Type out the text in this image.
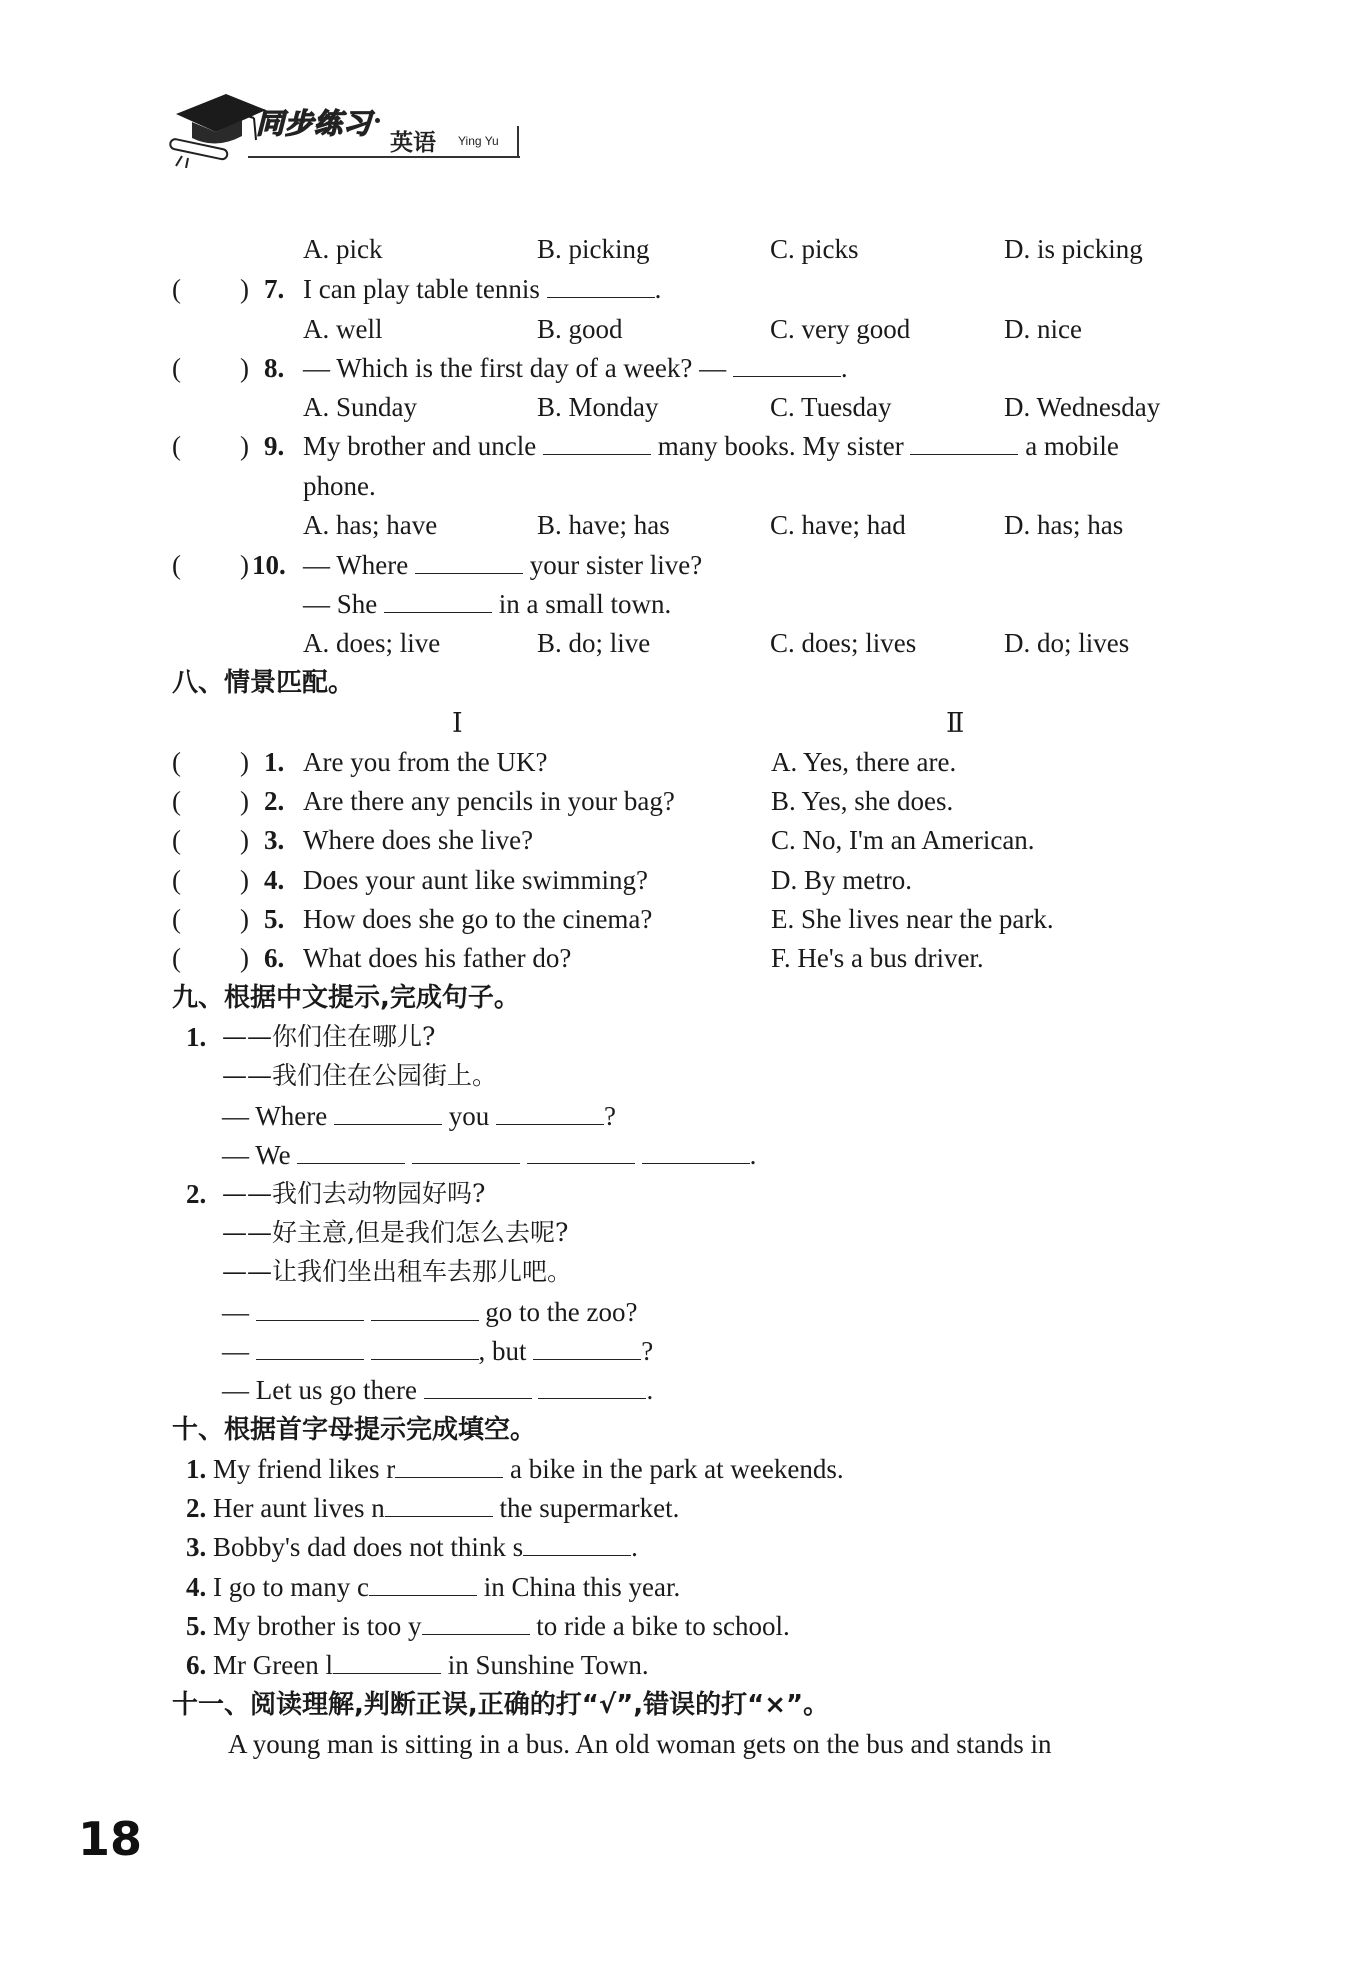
同步练习
英语 Ying Yu
A. pick	B. picking	C. picks	D. is picking
( ) 7. I can play table tennis	.
A. well	B. good	C. very good	D. nice
( ) 8. — Which is the first day of a week? —	.
A. Sunday	B. Monday	C. Tuesday	D. Wednesday
( ) 9. My brother and uncle	many books. My sister	a mobile
phone.
A. has; have	B. have; has	C. have; had	D. has; has
( ) 10. — Where	your sister live?
— She	in a small town.
A. does; live	B. do; live	C. does; lives	D. do; lives
八、情景匹配。
Ⅰ	Ⅱ
( ) 1. Are you from the UK?	A. Yes, there are.
( ) 2. Are there any pencils in your bag?	B. Yes, she does.
( ) 3. Where does she live?	C. No, I'm an American.
( ) 4. Does your aunt like swimming?	D. By metro.
( ) 5. How does she go to the cinema?	E. She lives near the park.
( ) 6. What does his father do?	F. He's a bus driver.
九、根据中文提示,完成句子。
1. ——你们住在哪儿?
——我们住在公园街上。
— Where	you	?
— We	.
2. ——我们去动物园好吗?
——好主意,但是我们怎么去呢?
——让我们坐出租车去那儿吧。
—	go to the zoo?
—	, but	?
— Let us go there	.
十、根据首字母提示完成填空。
1. My friend likes r	a bike in the park at weekends.
2. Her aunt lives n	the supermarket.
3. Bobby's dad does not think s	.
4. I go to many c	in China this year.
5. My brother is too y	to ride a bike to school.
6. Mr Green l	in Sunshine Town.
十一、阅读理解,判断正误,正确的打“√”,错误的打“×”。
A young man is sitting in a bus. An old woman gets on the bus and stands in
18
